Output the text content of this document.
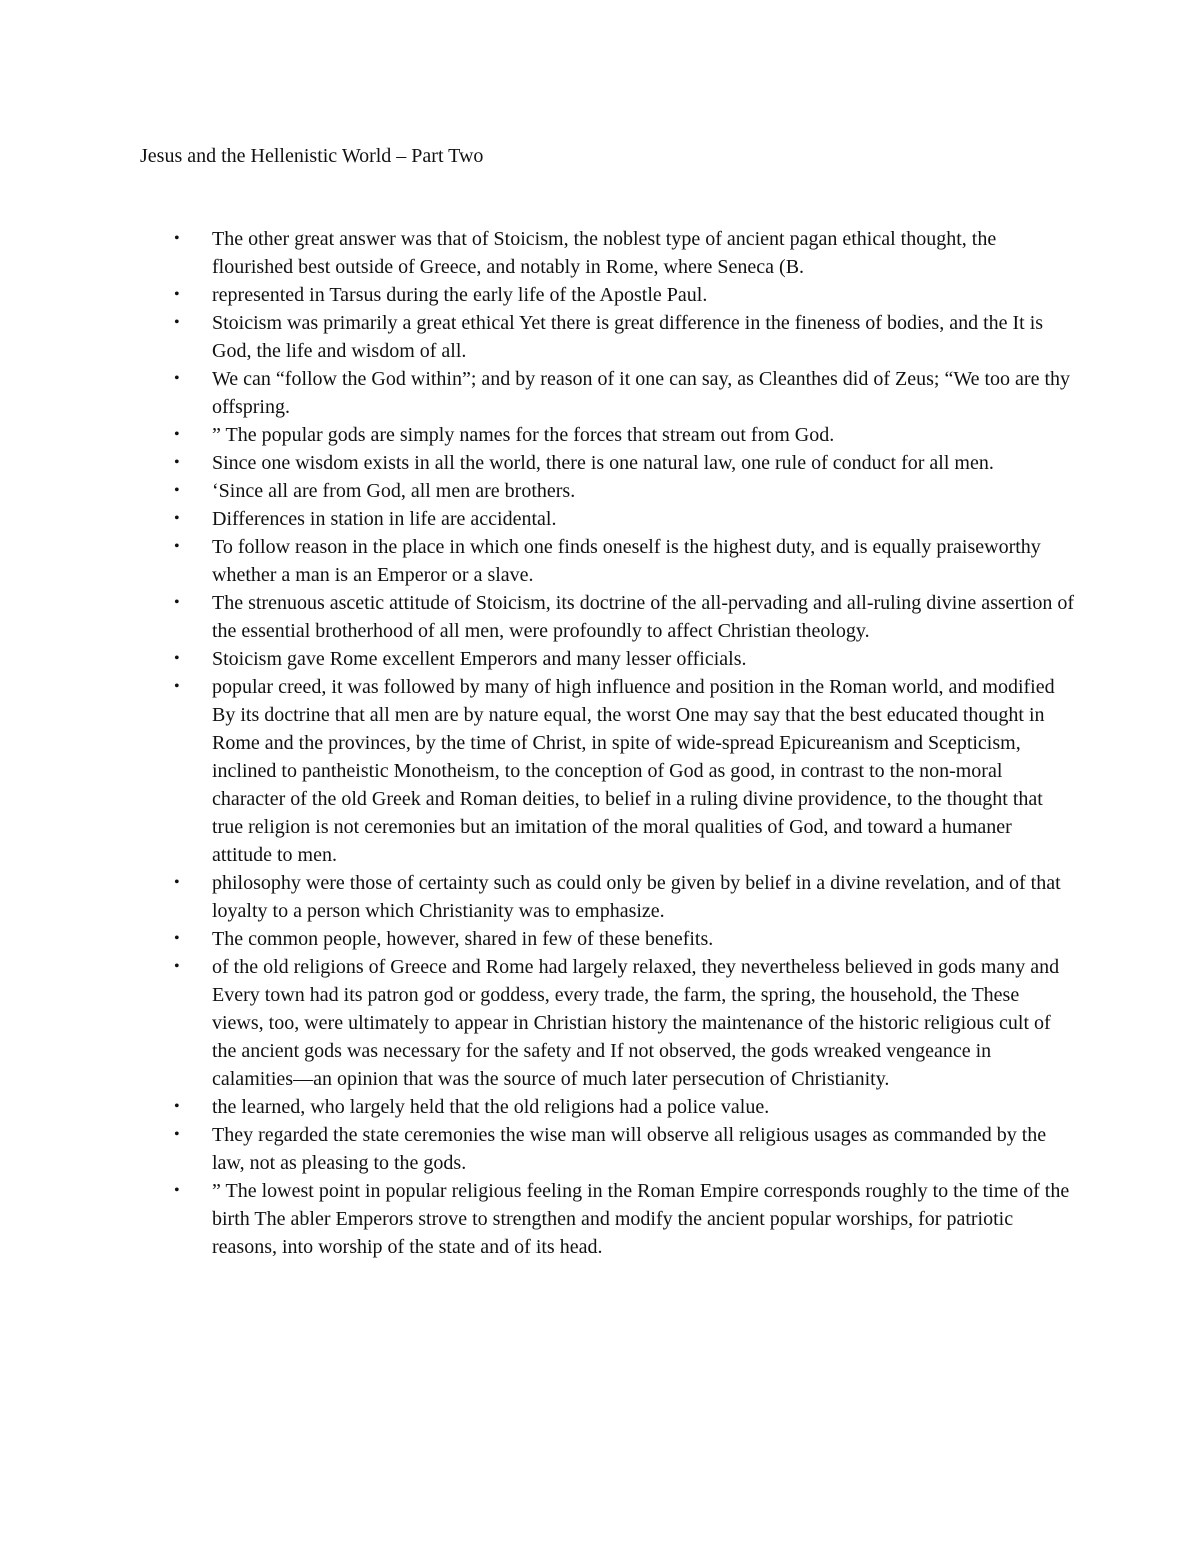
Jesus and the Hellenistic World – Part Two
•	The other great answer was that of Stoicism, the noblest type of ancient pagan ethical thought, the flourished best outside of Greece, and notably in Rome, where Seneca (B.
•	represented in Tarsus during the early life of the Apostle Paul.
•	Stoicism was primarily a great ethical Yet there is great difference in the fineness of bodies, and the It is God, the life and wisdom of all.
•	We can “follow the God within”; and by reason of it one can say, as Cleanthes did of Zeus; “We too are thy offspring.
•	” The popular gods are simply names for the forces that stream out from God.
•	Since one wisdom exists in all the world, there is one natural law, one rule of conduct for all men.
•	‘Since all are from God, all men are brothers.
•	Differences in station in life are accidental.
•	To follow reason in the place in which one finds oneself is the highest duty, and is equally praiseworthy whether a man is an Emperor or a slave.
•	The strenuous ascetic attitude of Stoicism, its doctrine of the all-pervading and all-ruling divine assertion of the essential brotherhood of all men, were profoundly to affect Christian theology.
•	Stoicism gave Rome excellent Emperors and many lesser officials.
•	popular creed, it was followed by many of high influence and position in the Roman world, and modified By its doctrine that all men are by nature equal, the worst One may say that the best educated thought in Rome and the provinces, by the time of Christ, in spite of wide-spread Epicureanism and Scepticism, inclined to pantheistic Monotheism, to the conception of God as good, in contrast to the non-moral character of the old Greek and Roman deities, to belief in a ruling divine providence, to the thought that true religion is not ceremonies but an imitation of the moral qualities of God, and toward a humaner attitude to men.
•	philosophy were those of certainty such as could only be given by belief in a divine revelation, and of that loyalty to a person which Christianity was to emphasize.
•	The common people, however, shared in few of these benefits.
•	of the old religions of Greece and Rome had largely relaxed, they nevertheless believed in gods many and Every town had its patron god or goddess, every trade, the farm, the spring, the household, the These views, too, were ultimately to appear in Christian history the maintenance of the historic religious cult of the ancient gods was necessary for the safety and If not observed, the gods wreaked vengeance in calamities—an opinion that was the source of much later persecution of Christianity.
•	the learned, who largely held that the old religions had a police value.
•	They regarded the state ceremonies the wise man will observe all religious usages as commanded by the law, not as pleasing to the gods.
•	” The lowest point in popular religious feeling in the Roman Empire corresponds roughly to the time of the birth The abler Emperors strove to strengthen and modify the ancient popular worships, for patriotic reasons, into worship of the state and of its head.
